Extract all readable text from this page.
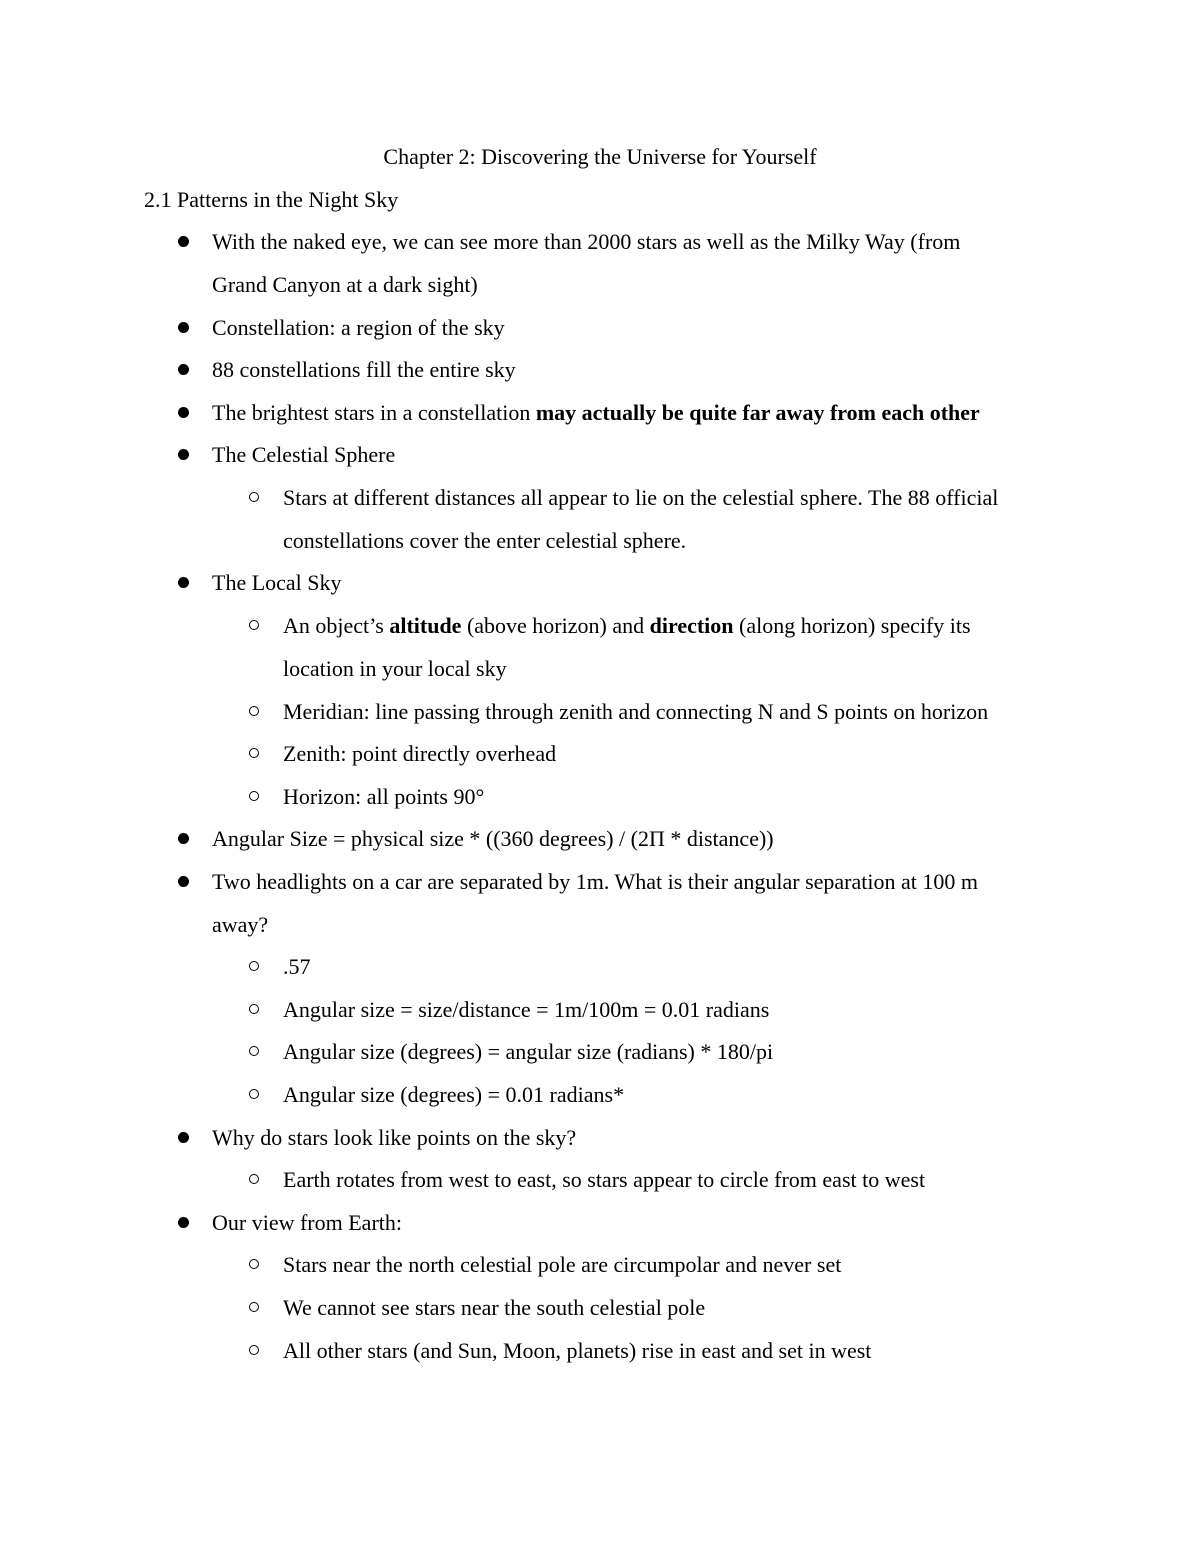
Chapter 2: Discovering the Universe for Yourself
2.1 Patterns in the Night Sky
With the naked eye, we can see more than 2000 stars as well as the Milky Way (from
Grand Canyon at a dark sight)
Constellation: a region of the sky
88 constellations fill the entire sky
The brightest stars in a constellation may actually be quite far away from each other
The Celestial Sphere
Stars at different distances all appear to lie on the celestial sphere. The 88 official
constellations cover the enter celestial sphere.
The Local Sky
An object’s altitude (above horizon) and direction (along horizon) specify its
location in your local sky
Meridian: line passing through zenith and connecting N and S points on horizon
Zenith: point directly overhead
Horizon: all points 90°
Angular Size = physical size * ((360 degrees) / (2Π * distance))
Two headlights on a car are separated by 1m. What is their angular separation at 100 m
away?
.57
Angular size = size/distance = 1m/100m = 0.01 radians
Angular size (degrees) = angular size (radians) * 180/pi
Angular size (degrees) = 0.01 radians*
Why do stars look like points on the sky?
Earth rotates from west to east, so stars appear to circle from east to west
Our view from Earth:
Stars near the north celestial pole are circumpolar and never set
We cannot see stars near the south celestial pole
All other stars (and Sun, Moon, planets) rise in east and set in west
